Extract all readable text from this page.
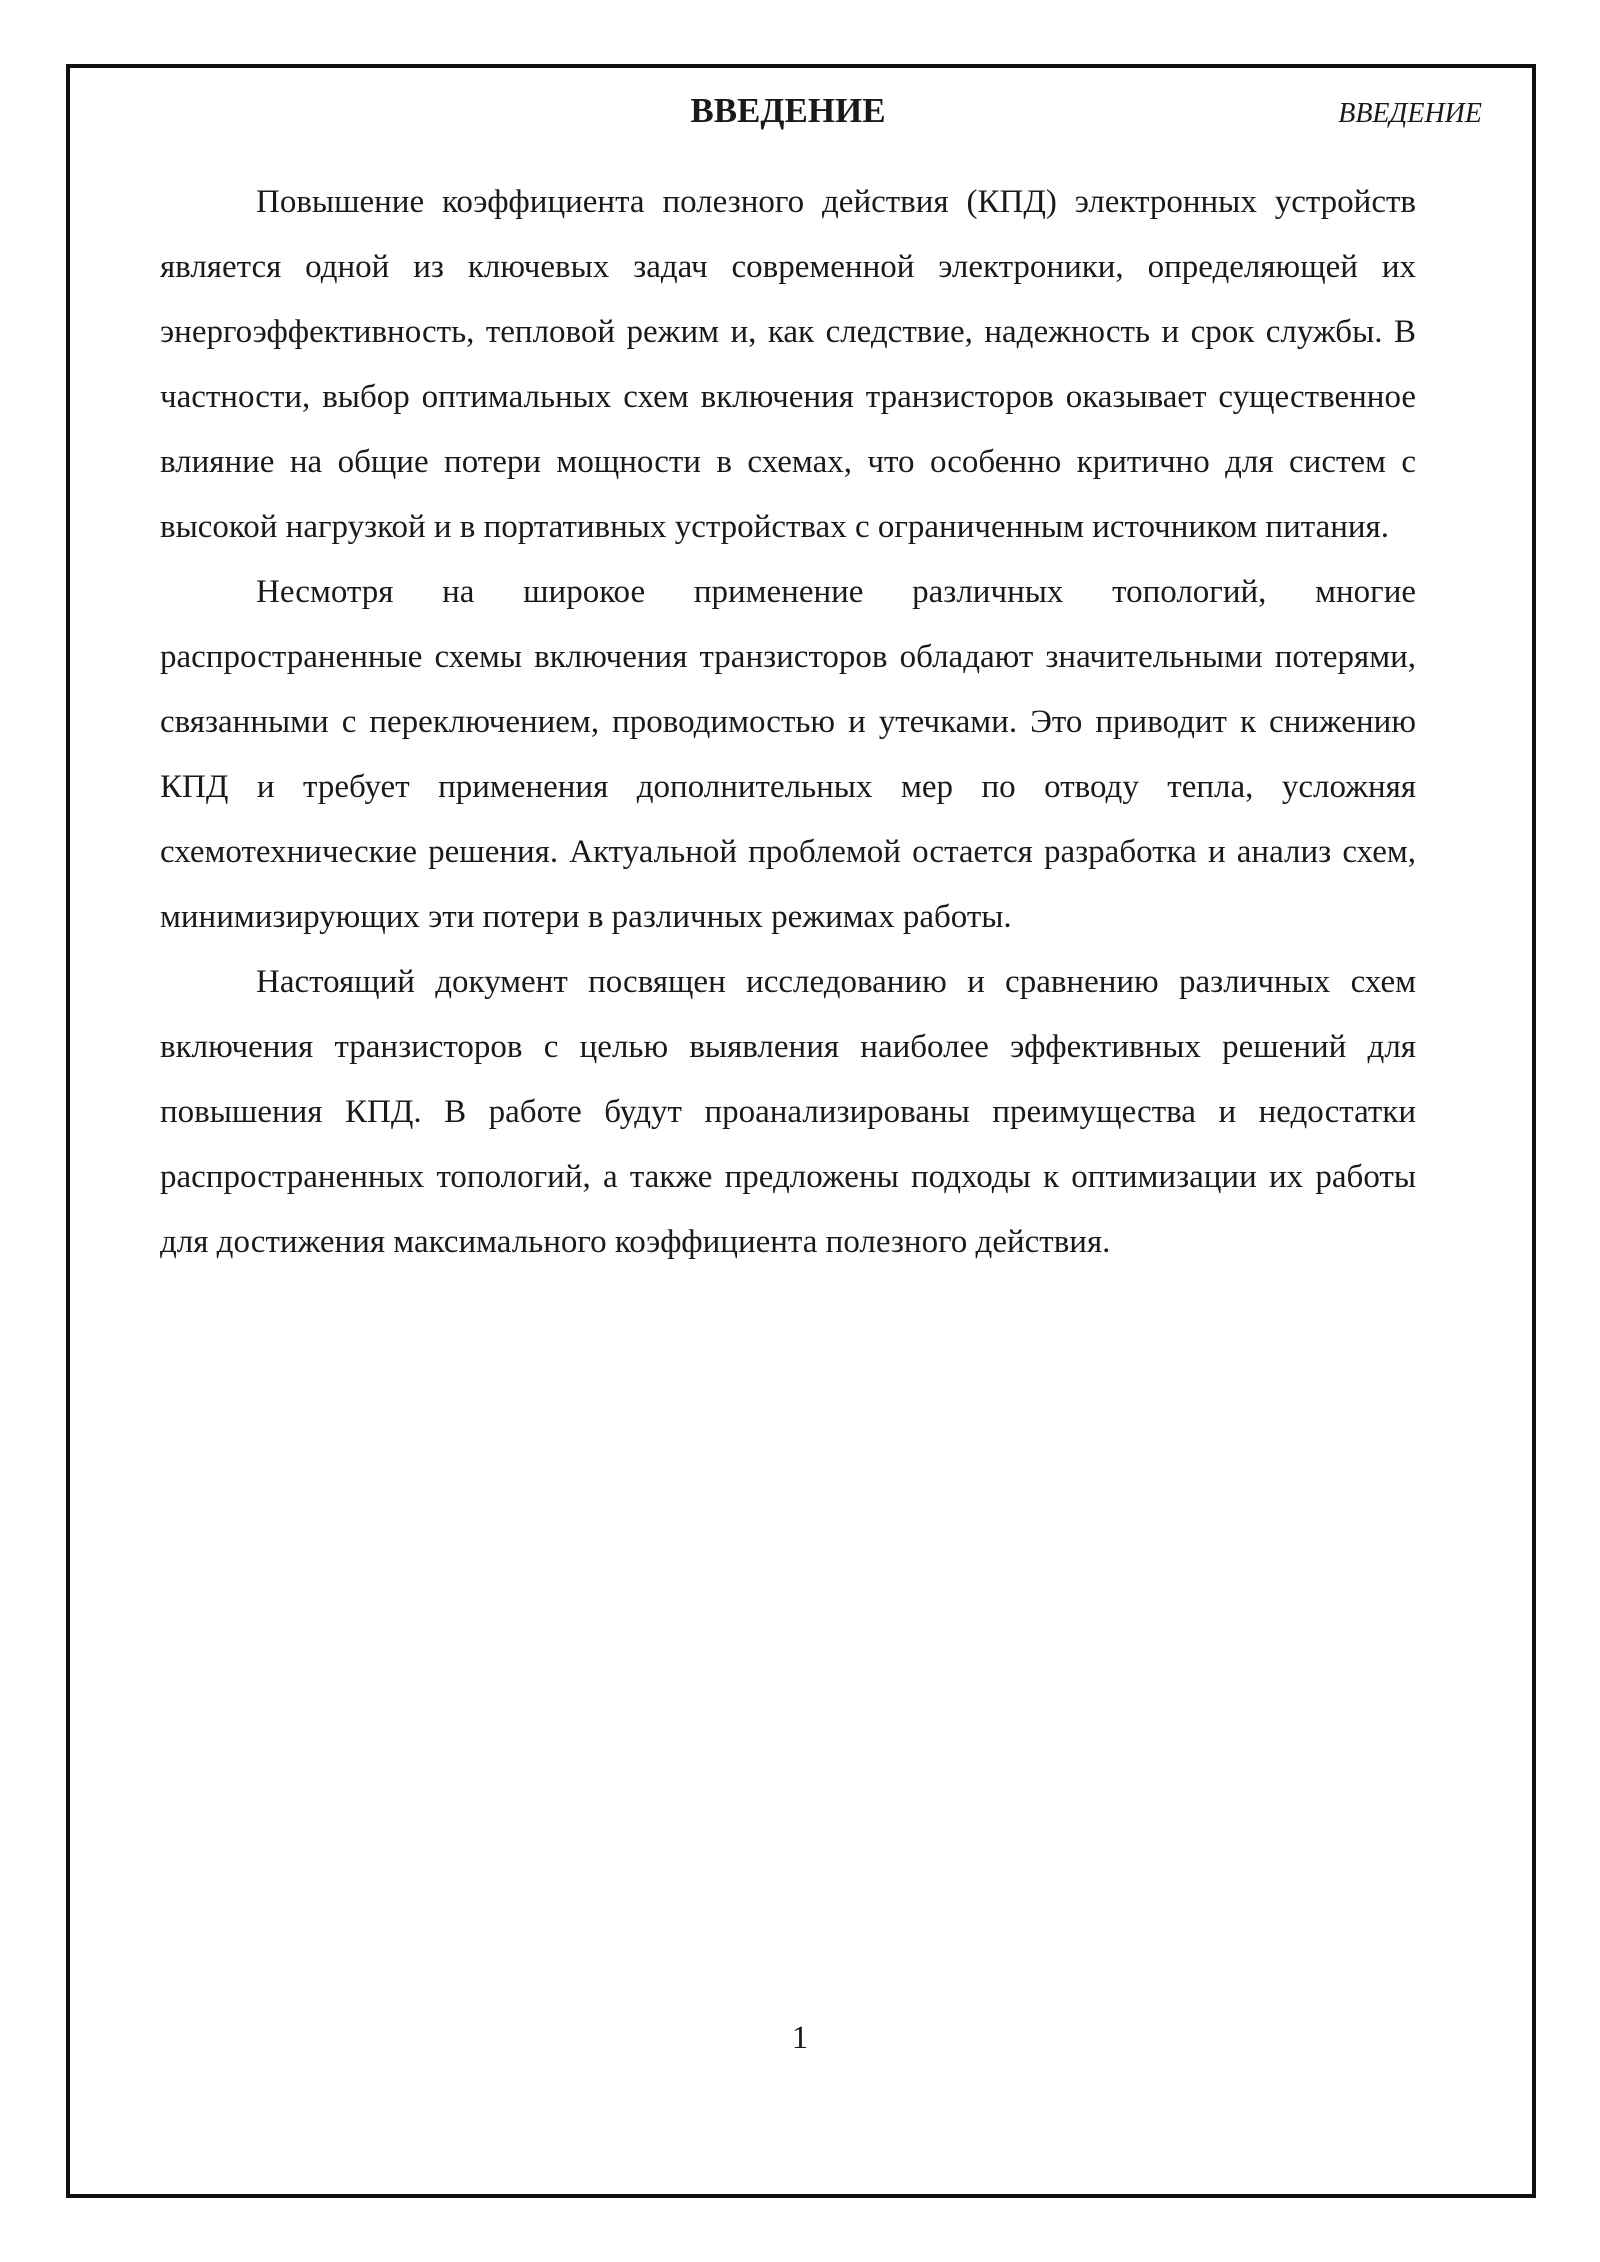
ВВЕДЕНИЕ
ВВЕДЕНИЕ

Повышение коэффициента полезного действия (КПД) электронных устройств является одной из ключевых задач современной электроники, определяющей их энергоэффективность, тепловой режим и, как следствие, надежность и срок службы. В частности, выбор оптимальных схем включения транзисторов оказывает существенное влияние на общие потери мощности в схемах, что особенно критично для систем с высокой нагрузкой и в портативных устройствах с ограниченным источником питания.

Несмотря на широкое применение различных топологий, многие распространенные схемы включения транзисторов обладают значительными потерями, связанными с переключением, проводимостью и утечками. Это приводит к снижению КПД и требует применения дополнительных мер по отводу тепла, усложняя схемотехнические решения. Актуальной проблемой остается разработка и анализ схем, минимизирующих эти потери в различных режимах работы.

Настоящий документ посвящен исследованию и сравнению различных схем включения транзисторов с целью выявления наиболее эффективных решений для повышения КПД. В работе будут проанализированы преимущества и недостатки распространенных топологий, а также предложены подходы к оптимизации их работы для достижения максимального коэффициента полезного действия.

1
